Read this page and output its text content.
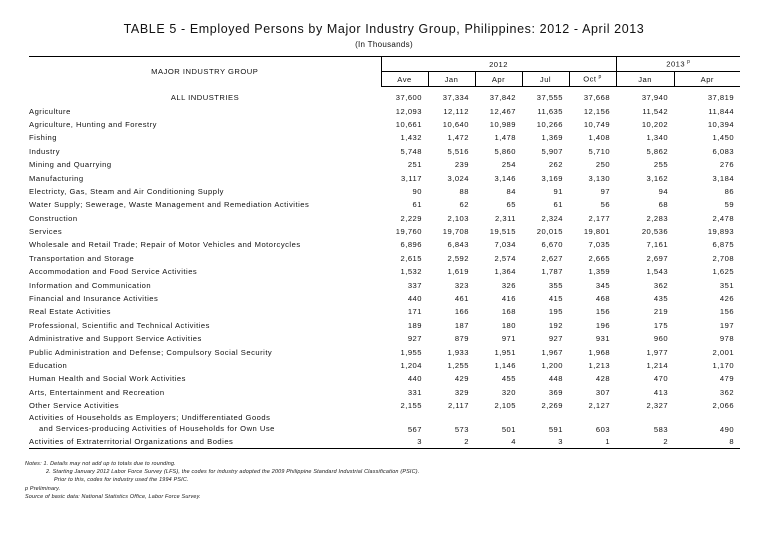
TABLE 5 - Employed Persons by Major Industry Group, Philippines: 2012 - April 2013
(In Thousands)
MAJOR INDUSTRY GROUP	2012					2013 $^p$
	Ave	Jan	Apr	Jul	Oct $^p$	Jan	Apr

ALL INDUSTRIES	37,600	37,334	37,842	37,555	37,668	37,940	37,819

Agriculture	12,093	12,112	12,467	11,635	12,156	11,542	11,844

Agriculture, Hunting and Forestry	10,661	10,640	10,989	10,266	10,749	10,202	10,394

Fishing	1,432	1,472	1,478	1,369	1,408	1,340	1,450

Industry	5,748	5,516	5,860	5,907	5,710	5,862	6,083

Mining and Quarrying	251	239	254	262	250	255	276

Manufacturing	3,117	3,024	3,146	3,169	3,130	3,162	3,184

Electricty, Gas, Steam and Air Conditioning Supply	90	88	84	91	97	94	86

Water Supply; Sewerage, Waste Management and Remediation Activities	61	62	65	61	56	68	59

Construction	2,229	2,103	2,311	2,324	2,177	2,283	2,478

Services	19,760	19,708	19,515	20,015	19,801	20,536	19,893

Wholesale and Retail Trade; Repair of Motor Vehicles and Motorcycles	6,896	6,843	7,034	6,670	7,035	7,161	6,875

Transportation and Storage	2,615	2,592	2,574	2,627	2,665	2,697	2,708

Accommodation and Food Service Activities	1,532	1,619	1,364	1,787	1,359	1,543	1,625

Information and Communication	337	323	326	355	345	362	351

Financial and Insurance Activities	440	461	416	415	468	435	426

Real Estate Activities	171	166	168	195	156	219	156

Professional, Scientific and Technical Activities	189	187	180	192	196	175	197

Administrative and Support Service Activities	927	879	971	927	931	960	978

Public Administration and Defense; Compulsory Social Security	1,955	1,933	1,951	1,967	1,968	1,977	2,001

Education	1,204	1,255	1,146	1,200	1,213	1,214	1,170

Human Health and Social Work Activities	440	429	455	448	428	470	479

Arts, Entertainment and Recreation	331	329	320	369	307	413	362

Other Service Activities	2,155	2,117	2,105	2,269	2,127	2,327	2,066

Activities of Households as Employers; Undifferentiated Goods
and Services-producing Activities of Households for Own Use	567	573	501	591	603	583	490

Activities of Extraterritorial Organizations and Bodies	3	2	4	3	1	2	8
Notes: 1. Details may not add up to totals due to rounding.
2. Starting January 2012 Labor Force Survey (LFS), the codes for industry adopted the 2009 Philippine Standard Industrial Classification (PSIC).
Prior to this, codes for industry used the 1994 PSIC.
p Preliminary.
Source of basic data: National Statistics Office, Labor Force Survey.
